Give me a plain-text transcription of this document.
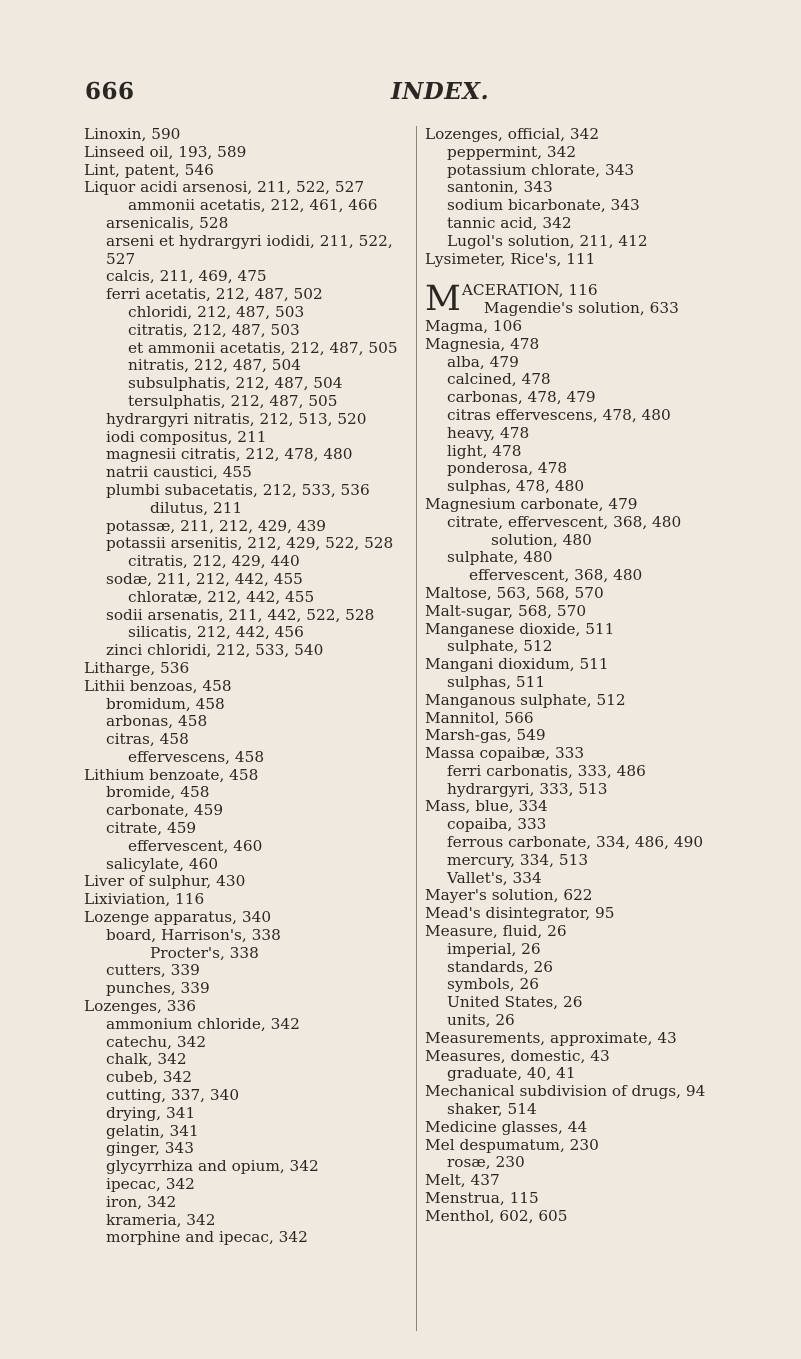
666	INDEX.
Linoxin, 590
Linseed oil, 193, 589
Lint, patent, 546
Liquor acidi arsenosi, 211, 522, 527
ammonii acetatis, 212, 461, 466
arsenicalis, 528
arseni et hydrargyri iodidi, 211, 522,
527
calcis, 211, 469, 475
ferri acetatis, 212, 487, 502
chloridi, 212, 487, 503
citratis, 212, 487, 503
et ammonii acetatis, 212, 487, 505
nitratis, 212, 487, 504
subsulphatis, 212, 487, 504
tersulphatis, 212, 487, 505
hydrargyri nitratis, 212, 513, 520
iodi compositus, 211
magnesii citratis, 212, 478, 480
natrii caustici, 455
plumbi subacetatis, 212, 533, 536
dilutus, 211
potassæ, 211, 212, 429, 439
potassii arsenitis, 212, 429, 522, 528
citratis, 212, 429, 440
sodæ, 211, 212, 442, 455
chloratæ, 212, 442, 455
sodii arsenatis, 211, 442, 522, 528
silicatis, 212, 442, 456
zinci chloridi, 212, 533, 540
Litharge, 536
Lithii benzoas, 458
bromidum, 458
arbonas, 458
citras, 458
effervescens, 458
Lithium benzoate, 458
bromide, 458
carbonate, 459
citrate, 459
effervescent, 460
salicylate, 460
Liver of sulphur, 430
Lixiviation, 116
Lozenge apparatus, 340
board, Harrison's, 338
Procter's, 338
cutters, 339
punches, 339
Lozenges, 336
ammonium chloride, 342
catechu, 342
chalk, 342
cubeb, 342
cutting, 337, 340
drying, 341
gelatin, 341
ginger, 343
glycyrrhiza and opium, 342
ipecac, 342
iron, 342
krameria, 342
morphine and ipecac, 342
Lozenges, official, 342
peppermint, 342
potassium chlorate, 343
santonin, 343
sodium bicarbonate, 343
tannic acid, 342
Lugol's solution, 211, 412
Lysimeter, Rice's, 111
MACERATION, 116
Magendie's solution, 633
Magma, 106
Magnesia, 478
alba, 479
calcined, 478
carbonas, 478, 479
citras effervescens, 478, 480
heavy, 478
light, 478
ponderosa, 478
sulphas, 478, 480
Magnesium carbonate, 479
citrate, effervescent, 368, 480
solution, 480
sulphate, 480
effervescent, 368, 480
Maltose, 563, 568, 570
Malt-sugar, 568, 570
Manganese dioxide, 511
sulphate, 512
Mangani dioxidum, 511
sulphas, 511
Manganous sulphate, 512
Mannitol, 566
Marsh-gas, 549
Massa copaibæ, 333
ferri carbonatis, 333, 486
hydrargyri, 333, 513
Mass, blue, 334
copaiba, 333
ferrous carbonate, 334, 486, 490
mercury, 334, 513
Vallet's, 334
Mayer's solution, 622
Mead's disintegrator, 95
Measure, fluid, 26
imperial, 26
standards, 26
symbols, 26
United States, 26
units, 26
Measurements, approximate, 43
Measures, domestic, 43
graduate, 40, 41
Mechanical subdivision of drugs, 94
shaker, 514
Medicine glasses, 44
Mel despumatum, 230
rosæ, 230
Melt, 437
Menstrua, 115
Menthol, 602, 605
